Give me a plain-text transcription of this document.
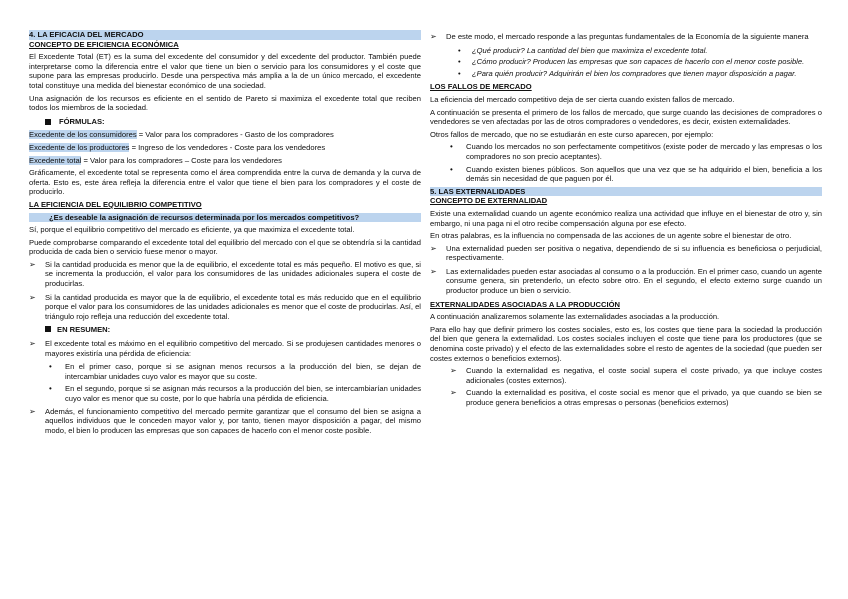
4. LA EFICACIA DEL MERCADO
CONCEPTO DE EFICIENCIA ECONÓMICA

El Excedente Total (ET) es la suma del excedente del consumidor y del excedente del productor. También puede interpretarse como la diferencia entre el valor que tiene un bien o servicio para los consumidores y el coste que supone para las empresas producirlo. Desde una perspectiva más amplia a la de un único mercado, el excedente total constituye una medida del bienestar económico de una sociedad.

Una asignación de los recursos es eficiente en el sentido de Pareto si maximiza el excedente total que reciben todos los miembros de la sociedad.

FÓRMULAS:
Excedente de los consumidores = Valor para los compradores - Gasto de los compradores
Excedente de los productores = Ingreso de los vendedores - Coste para los vendedores
Excedente total = Valor para los compradores – Coste para los vendedores

Gráficamente, el excedente total se representa como el área comprendida entre la curva de demanda y la curva de oferta. Esto es, este área refleja la diferencia entre el valor que tiene el bien para los compradores y el coste de producirlo.

LA EFICIENCIA DEL EQUILIBRIO COMPETITIVO
¿Es deseable la asignación de recursos determinada por los mercados competitivos?

Sí, porque el equilibrio competitivo del mercado es eficiente, ya que maximiza el excedente total.

Puede comprobarse comparando el excedente total del equilibrio del mercado con el que se obtendría si la cantidad producida de cada bien o servicio fuese menor o mayor.

➢ Si la cantidad producida es menor que la de equilibrio, el excedente total es más pequeño. El motivo es que, si se incrementa la producción, el valor para los consumidores de las unidades adicionales supera el coste de producirlas.
➢ Si la cantidad producida es mayor que la de equilibrio, el excedente total es más reducido que en el equilibrio porque el valor para los consumidores de las unidades adicionales es menor que el coste de producirlas. Así, el triángulo rojo refleja una reducción del excedente total.
EN RESUMEN:
➢ El excedente total es máximo en el equilibrio competitivo del mercado. Si se produjesen cantidades menores o mayores existiría una pérdida de eficiencia:
• En el primer caso, porque si se asignan menos recursos a la producción del bien, se dejan de intercambiar unidades cuyo valor es mayor que su coste.
• En el segundo, porque si se asignan más recursos a la producción del bien, se intercambiarían unidades cuyo valor es menor que su coste, por lo que habría una pérdida de eficiencia.
➢ Además, el funcionamiento competitivo del mercado permite garantizar que el consumo del bien se asigna a aquellos individuos que le conceden mayor valor y, por tanto, tienen mayor disposición a pagar, del mismo modo, el bien lo producen las empresas que son capaces de hacerlo con el menor coste posible.
➢ De este modo, el mercado responde a las preguntas fundamentales de la Economía de la siguiente manera
• ¿Qué producir? La cantidad del bien que maximiza el excedente total.
• ¿Cómo producir? Producen las empresas que son capaces de hacerlo con el menor coste posible.
• ¿Para quién producir? Adquirirán el bien los compradores que tienen mayor disposición a pagar.
LOS FALLOS DE MERCADO

La eficiencia del mercado competitivo deja de ser cierta cuando existen fallos de mercado.

A continuación se presenta el primero de los fallos de mercado, que surge cuando las decisiones de compradores o vendedores se ven afectadas por las de otros compradores o vendedores, es decir, existen externalidades.

Otros fallos de mercado, que no se estudiarán en este curso aparecen, por ejemplo:

• Cuando los mercados no son perfectamente competitivos (existe poder de mercado y las empresas o los compradores no son precio aceptantes).
• Cuando existen bienes públicos. Son aquellos que una vez que se ha adquirido el bien, beneficia a los demás sin necesidad de que paguen por él.
5. LAS EXTERNALIDADES
CONCEPTO DE EXTERNALIDAD

Existe una externalidad cuando un agente económico realiza una actividad que influye en el bienestar de otro y, sin embargo, ni una paga ni el otro recibe compensación alguna por ese efecto.

En otras palabras, es la influencia no compensada de las acciones de un agente sobre el bienestar de otro.

➢ Una externalidad pueden ser positiva o negativa, dependiendo de si su influencia es beneficiosa o perjudicial, respectivamente.
➢ Las externalidades pueden estar asociadas al consumo o a la producción. En el primer caso, cuando un agente consume genera, sin pretenderlo, un efecto sobre otro. En el segundo, el efecto externo surge cuando un productor produce un bien o servicio.
EXTERNALIDADES ASOCIADAS A LA PRODUCCIÓN

A continuación analizaremos solamente las externalidades asociadas a la producción.

Para ello hay que definir primero los costes sociales, esto es, los costes que tiene para la sociedad la producción del bien que genera la externalidad. Los costes sociales incluyen el coste que tiene para los productores (que se denomina coste privado) y el efecto de las externalidades sobre el resto de agentes de la sociedad (que pueden ser costes externos o beneficios externos).

➢ Cuando la externalidad es negativa, el coste social supera el coste privado, ya que incluye costes adicionales (costes externos).
➢ Cuando la externalidad es positiva, el coste social es menor que el privado, ya que cuando se bien se produce genera beneficios a otras empresas o personas (beneficios externos)
